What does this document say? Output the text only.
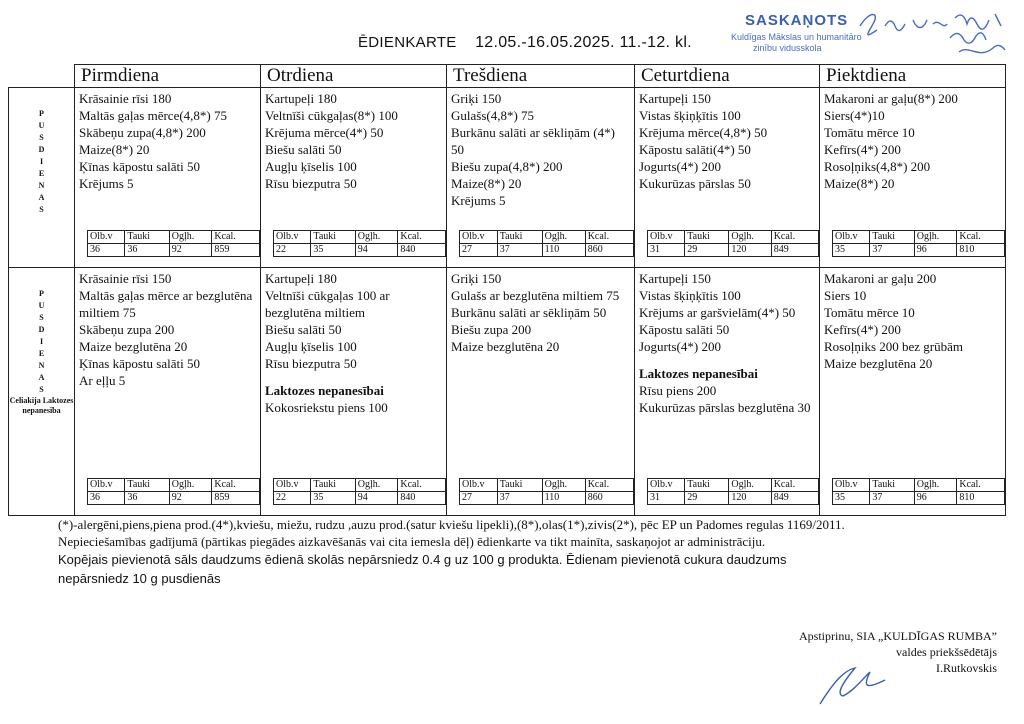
ĒDIENKARTE 12.05.-16.05.2025. 11.-12. kl.
SASKAŅOTS
Kuldīgas Mākslas un humanitāro
zinību vidusskola
	Pirmdiena	Otrdiena	Trešdiena	Ceturtdiena	Piektdiena

P
U
S
D
I
E
N
A
S

Krāsainie rīsi 180
Maltās gaļas mērce(4,8*) 75
Skābeņu zupa(4,8*) 200
Maize(8*) 20
Ķīnas kāpostu salāti 50
Krējums 5
Olb.v	Tauki	Ogļh.	Kcal.
36	36	92	859

Kartupeļi 180
Veltnīši cūkgaļas(8*) 100
Krējuma mērce(4*) 50
Biešu salāti 50
Augļu ķīselis 100
Rīsu biezputra 50
Olb.v	Tauki	Ogļh.	Kcal.
22	35	94	840

Griķi 150
Gulašs(4,8*) 75
Burkānu salāti ar sēkliņām (4*) 50
Biešu zupa(4,8*) 200
Maize(8*) 20
Krējums 5
Olb.v	Tauki	Ogļh.	Kcal.
27	37	110	860

Kartupeļi 150
Vistas šķiņķītis 100
Krējuma mērce(4,8*) 50
Kāpostu salāti(4*) 50
Jogurts(4*) 200
Kukurūzas pārslas 50
Olb.v	Tauki	Ogļh.	Kcal.
31	29	120	849

Makaroni ar gaļu(8*) 200
Siers(4*)10
Tomātu mērce 10
Kefīrs(4*) 200
Rosoļņiks(4,8*) 200
Maize(8*) 20
Olb.v	Tauki	Ogļh.	Kcal.
35	37	96	810

P
U
S
D
I
E
N
A
S
Celiakija Laktozes nepanesība

Krāsainie rīsi 150
Maltās gaļas mērce ar bezglutēna miltiem 75
Skābeņu zupa 200
Maize bezglutēna 20
Ķīnas kāpostu salāti 50
Ar eļļu 5
Olb.v	Tauki	Ogļh.	Kcal.
36	36	92	859

Kartupeļi 180
Veltnīši cūkgaļas 100 ar bezglutēna miltiem
Biešu salāti 50
Augļu ķīselis 100
Rīsu biezputra 50
Laktozes nepanesībai
Kokosriekstu piens 100
Olb.v	Tauki	Ogļh.	Kcal.
22	35	94	840

Griķi 150
Gulašs ar bezglutēna miltiem 75
Burkānu salāti ar sēkliņām 50
Biešu zupa 200
Maize bezglutēna 20
Olb.v	Tauki	Ogļh.	Kcal.
27	37	110	860

Kartupeļi 150
Vistas šķiņķītis 100
Krējums ar garšvielām(4*) 50
Kāpostu salāti 50
Jogurts(4*) 200
Laktozes nepanesībai
Rīsu piens 200
Kukurūzas pārslas bezglutēna 30
Olb.v	Tauki	Ogļh.	Kcal.
31	29	120	849

Makaroni ar gaļu 200
Siers 10
Tomātu mērce 10
Kefīrs(4*) 200
Rosoļņiks 200 bez grūbām
Maize bezglutēna 20
Olb.v	Tauki	Ogļh.	Kcal.
35	37	96	810
(*)-alergēni,piens,piena prod.(4*),kviešu, miežu, rudzu ,auzu prod.(satur kviešu lipekli),(8*),olas(1*),zivis(2*), pēc EP un Padomes regulas 1169/2011.
Nepieciešamības gadījumā (pārtikas piegādes aizkavēšanās vai cita iemesla dēļ) ēdienkarte va tikt mainīta, saskaņojot ar administrāciju.
Kopējais pievienotā sāls daudzums ēdienā skolās nepārsniedz 0.4 g uz 100 g produkta. Ēdienam pievienotā cukura daudzums
nepārsniedz 10 g pusdienās
Apstiprinu, SIA „KULDĪGAS RUMBA”
valdes priekšsēdētājs
I.Rutkovskis
